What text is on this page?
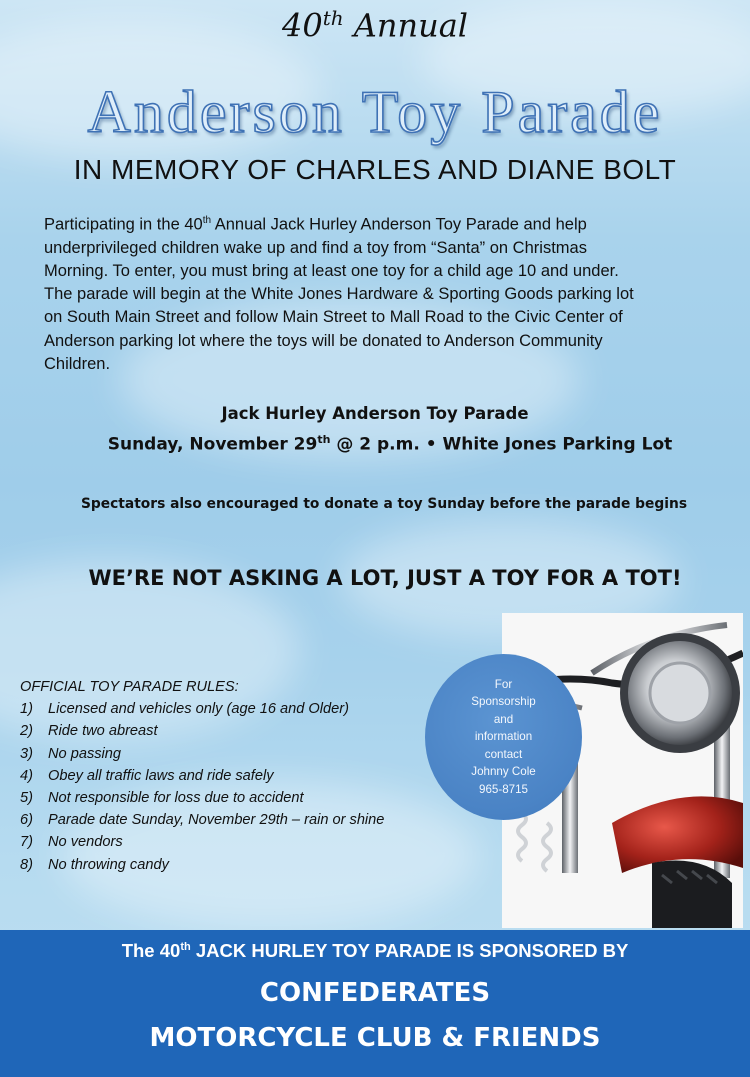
40th Annual
Anderson Toy Parade
IN MEMORY OF CHARLES AND DIANE BOLT
Participating in the 40th Annual Jack Hurley Anderson Toy Parade and help
underprivileged children wake up and find a toy from “Santa” on Christmas
Morning. To enter, you must bring at least one toy for a child age 10 and under.
The parade will begin at the White Jones Hardware & Sporting Goods parking lot
on South Main Street and follow Main Street to Mall Road to the Civic Center of
Anderson parking lot where the toys will be donated to Anderson Community
Children.
Jack Hurley Anderson Toy Parade
Sunday, November 29th @ 2 p.m. • White Jones Parking Lot
Spectators also encouraged to donate a toy Sunday before the parade begins
WE’RE NOT ASKING A LOT, JUST A TOY FOR A TOT!
OFFICIAL TOY PARADE RULES:
1)	Licensed and vehicles only (age 16 and Older)
2)	Ride two abreast
3)	No passing
4)	Obey all traffic laws and ride safely
5)	Not responsible for loss due to accident
6)	Parade date Sunday, November 29th – rain or shine
7)	No vendors
8)	No throwing candy
For
Sponsorship
and
information
contact
Johnny Cole
965-8715
The 40th JACK HURLEY TOY PARADE IS SPONSORED BY
CONFEDERATES
MOTORCYCLE CLUB & FRIENDS
